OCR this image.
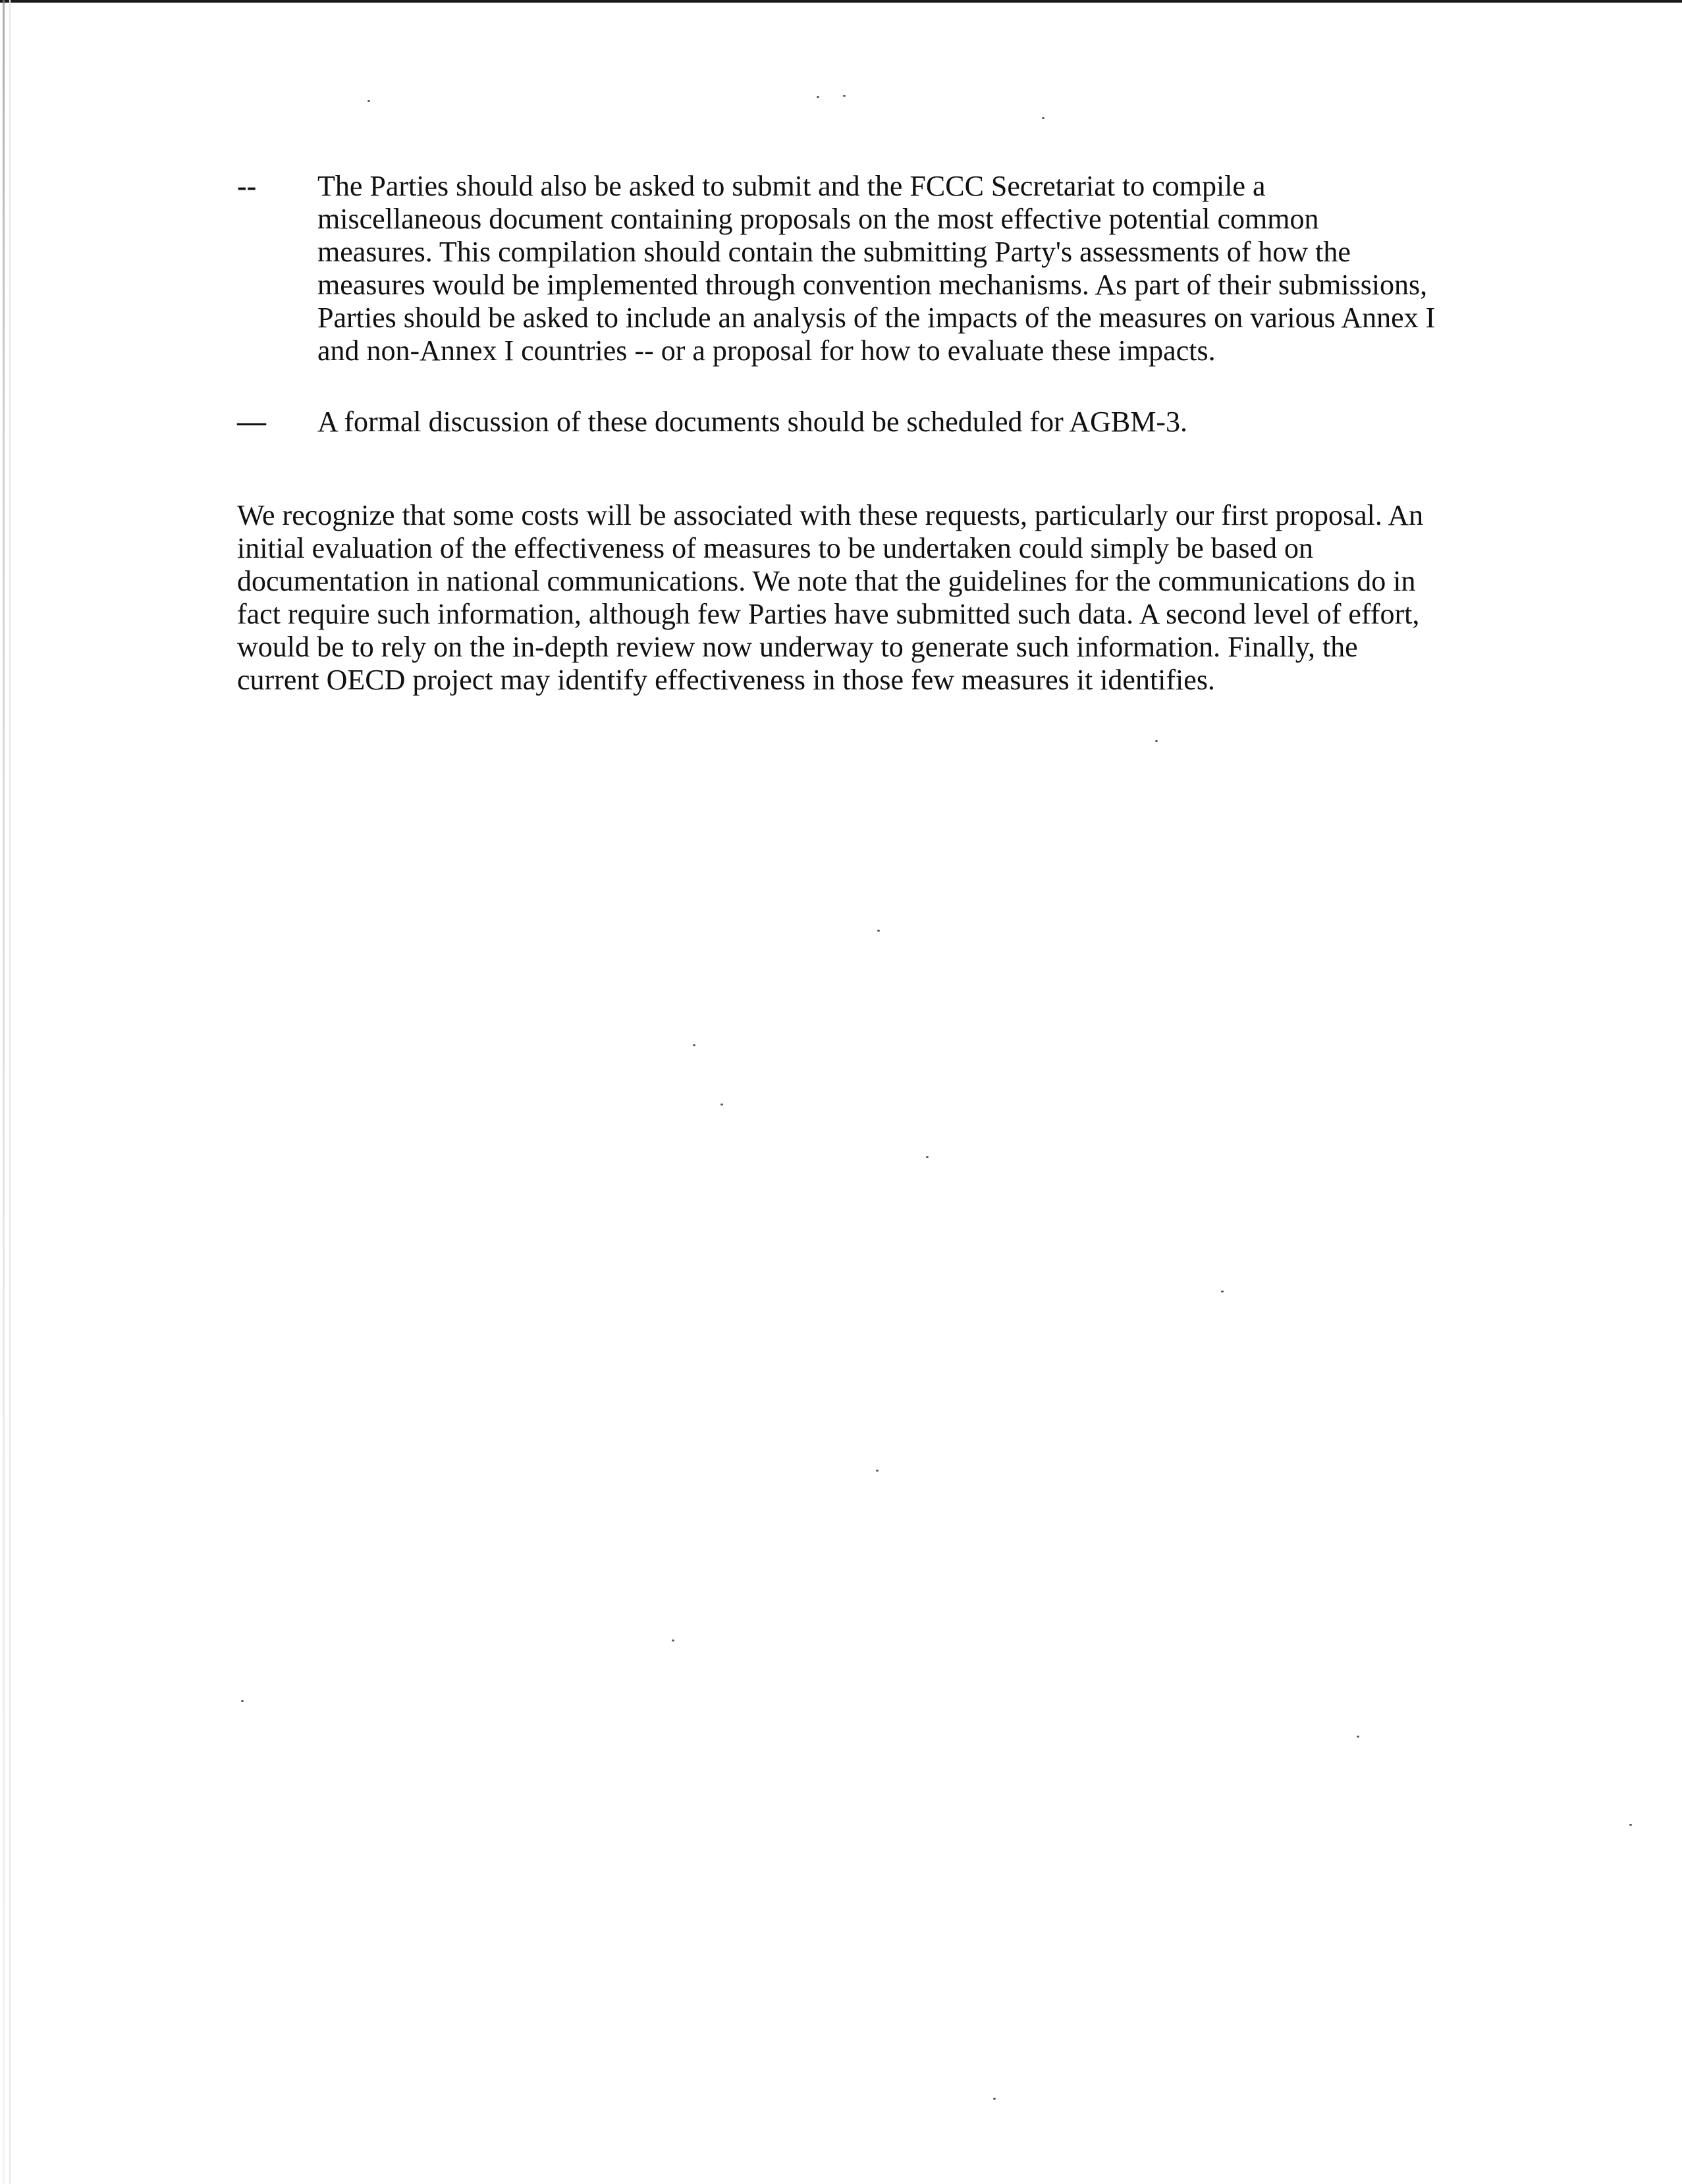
--	The Parties should also be asked to submit and the FCCC Secretariat to compile a miscellaneous document containing proposals on the most effective potential common measures. This compilation should contain the submitting Party's assessments of how the measures would be implemented through convention mechanisms. As part of their submissions, Parties should be asked to include an analysis of the impacts of the measures on various Annex I and non-Annex I countries -- or a proposal for how to evaluate these impacts.
—	A formal discussion of these documents should be scheduled for AGBM-3.

We recognize that some costs will be associated with these requests, particularly our first proposal. An initial evaluation of the effectiveness of measures to be undertaken could simply be based on documentation in national communications. We note that the guidelines for the communications do in fact require such information, although few Parties have submitted such data. A second level of effort, would be to rely on the in-depth review now underway to generate such information. Finally, the current OECD project may identify effectiveness in those few measures it identifies.
